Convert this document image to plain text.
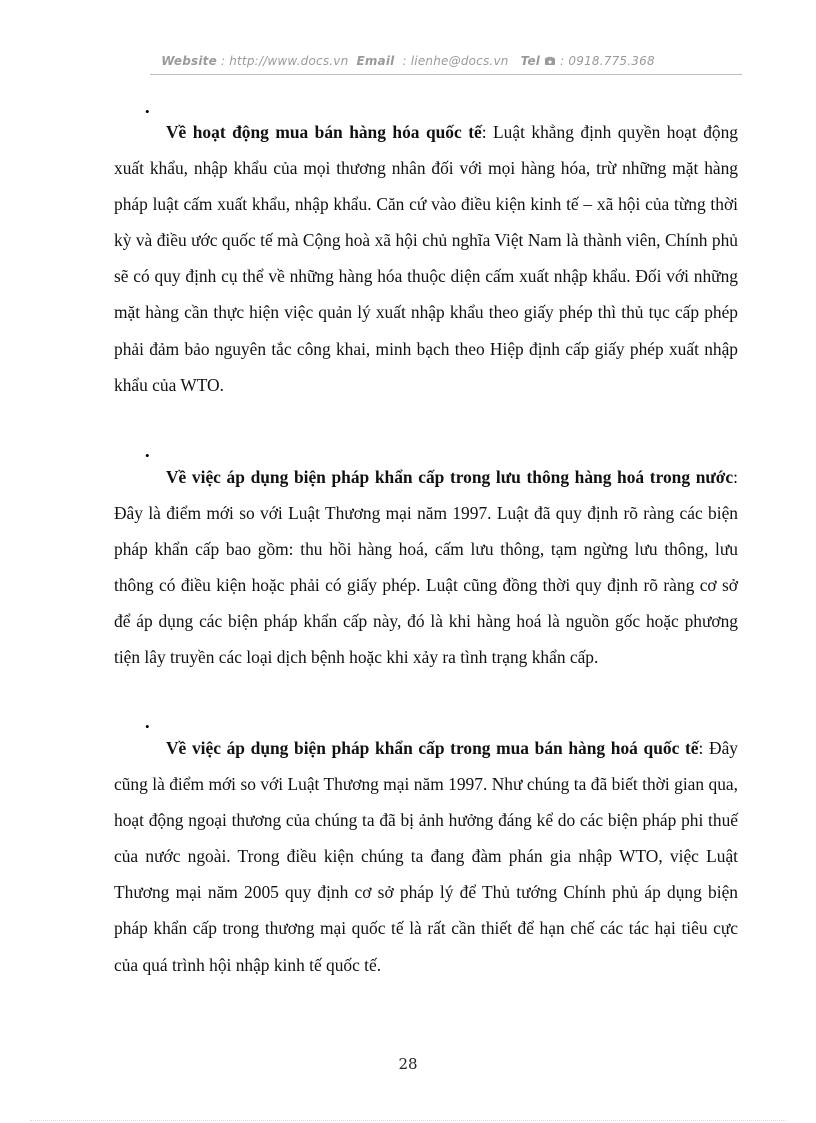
Website : http://www.docs.vn Email : lienhe@docs.vn Tel : 0918.775.368
•

Về hoạt động mua bán hàng hóa quốc tế: Luật khẳng định quyền hoạt động xuất khẩu, nhập khẩu của mọi thương nhân đối với mọi hàng hóa, trừ những mặt hàng pháp luật cấm xuất khẩu, nhập khẩu. Căn cứ vào điều kiện kinh tế – xã hội của từng thời kỳ và điều ước quốc tế mà Cộng hoà xã hội chủ nghĩa Việt Nam là thành viên, Chính phủ sẽ có quy định cụ thể về những hàng hóa thuộc diện cấm xuất nhập khẩu. Đối với những mặt hàng cần thực hiện việc quản lý xuất nhập khẩu theo giấy phép thì thủ tục cấp phép phải đảm bảo nguyên tắc công khai, minh bạch theo Hiệp định cấp giấy phép xuất nhập khẩu của WTO.

•

Về việc áp dụng biện pháp khẩn cấp trong lưu thông hàng hoá trong nước: Đây là điểm mới so với Luật Thương mại năm 1997. Luật đã quy định rõ ràng các biện pháp khẩn cấp bao gồm: thu hồi hàng hoá, cấm lưu thông, tạm ngừng lưu thông, lưu thông có điều kiện hoặc phải có giấy phép. Luật cũng đồng thời quy định rõ ràng cơ sở để áp dụng các biện pháp khẩn cấp này, đó là khi hàng hoá là nguồn gốc hoặc phương tiện lây truyền các loại dịch bệnh hoặc khi xảy ra tình trạng khẩn cấp.

•

Về việc áp dụng biện pháp khẩn cấp trong mua bán hàng hoá quốc tế: Đây cũng là điểm mới so với Luật Thương mại năm 1997. Như chúng ta đã biết thời gian qua, hoạt động ngoại thương của chúng ta đã bị ảnh hưởng đáng kể do các biện pháp phi thuế của nước ngoài. Trong điều kiện chúng ta đang đàm phán gia nhập WTO, việc Luật Thương mại năm 2005 quy định cơ sở pháp lý để Thủ tướng Chính phủ áp dụng biện pháp khẩn cấp trong thương mại quốc tế là rất cần thiết để hạn chế các tác hại tiêu cực của quá trình hội nhập kinh tế quốc tế.

28
